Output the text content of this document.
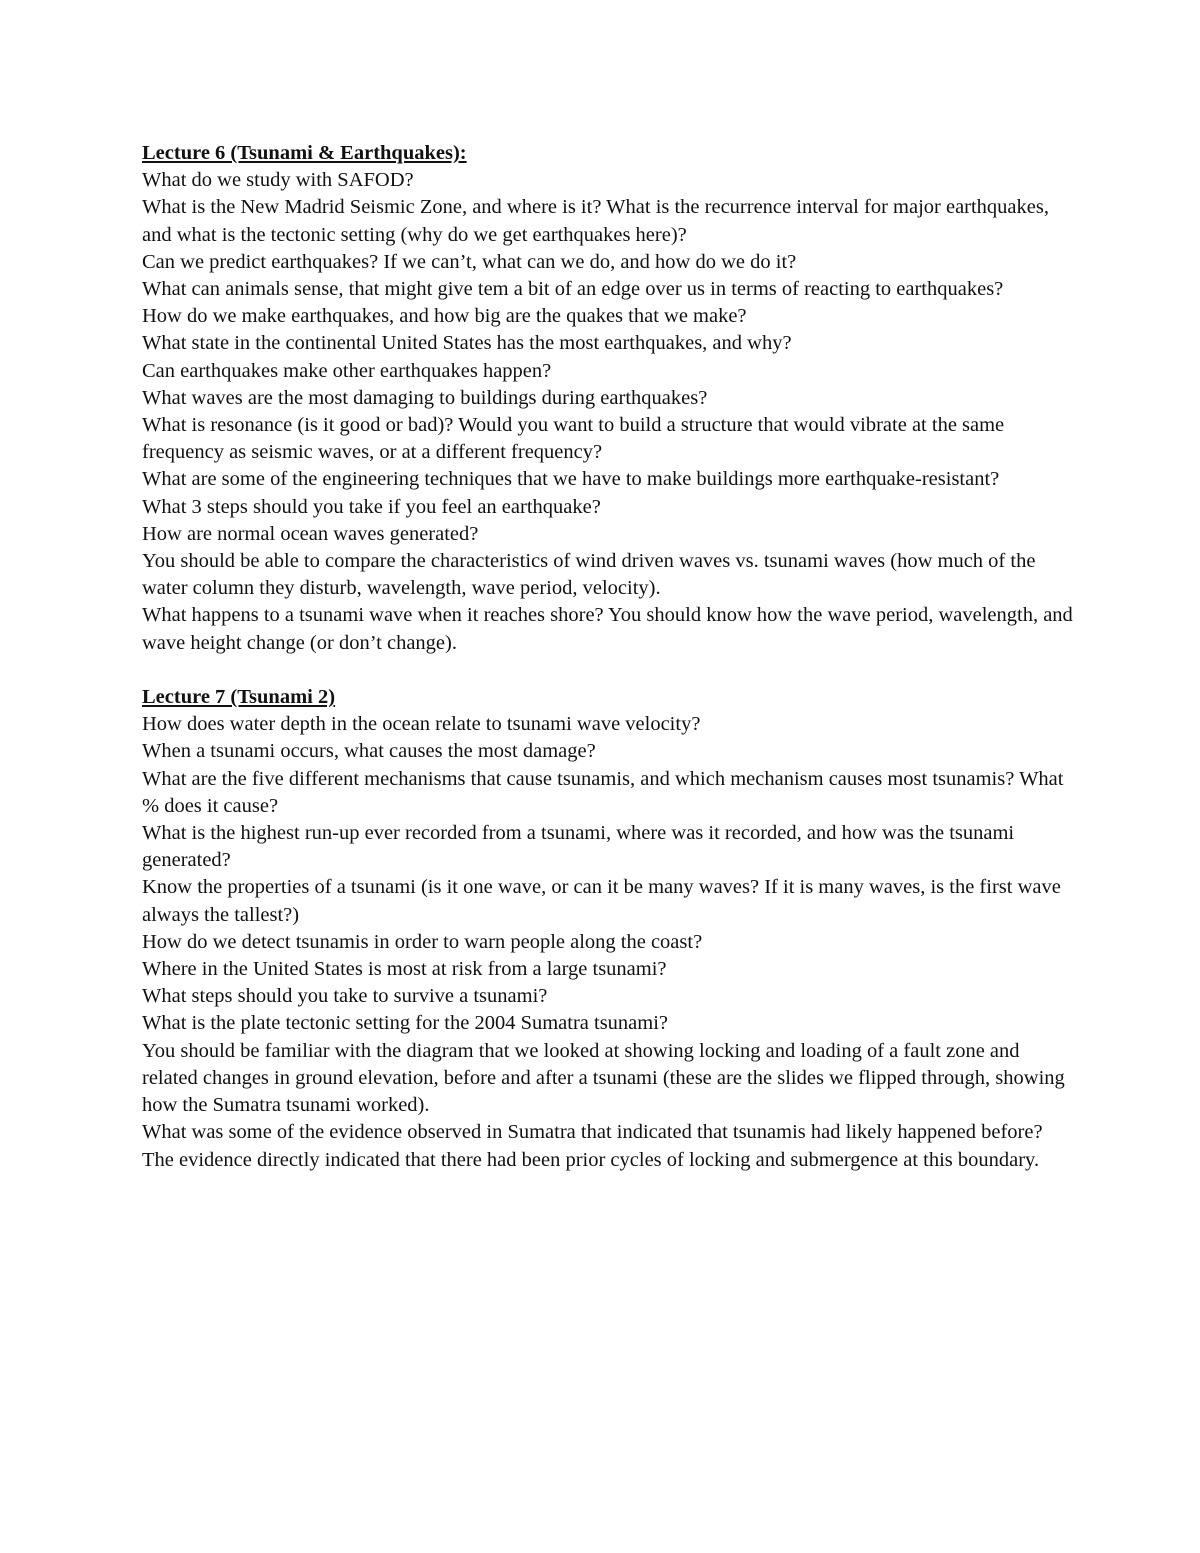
Lecture 6 (Tsunami & Earthquakes):
What do we study with SAFOD?
What is the New Madrid Seismic Zone, and where is it? What is the recurrence interval for major earthquakes, and what is the tectonic setting (why do we get earthquakes here)?
Can we predict earthquakes? If we can’t, what can we do, and how do we do it?
What can animals sense, that might give tem a bit of an edge over us in terms of reacting to earthquakes?
How do we make earthquakes, and how big are the quakes that we make?
What state in the continental United States has the most earthquakes, and why?
Can earthquakes make other earthquakes happen?
What waves are the most damaging to buildings during earthquakes?
What is resonance (is it good or bad)? Would you want to build a structure that would vibrate at the same frequency as seismic waves, or at a different frequency?
What are some of the engineering techniques that we have to make buildings more earthquake-resistant?
What 3 steps should you take if you feel an earthquake?
How are normal ocean waves generated?
You should be able to compare the characteristics of wind driven waves vs. tsunami waves (how much of the water column they disturb, wavelength, wave period, velocity).
What happens to a tsunami wave when it reaches shore? You should know how the wave period, wavelength, and wave height change (or don’t change).
Lecture 7 (Tsunami 2)
How does water depth in the ocean relate to tsunami wave velocity?
When a tsunami occurs, what causes the most damage?
What are the five different mechanisms that cause tsunamis, and which mechanism causes most tsunamis? What % does it cause?
What is the highest run-up ever recorded from a tsunami, where was it recorded, and how was the tsunami generated?
Know the properties of a tsunami (is it one wave, or can it be many waves? If it is many waves, is the first wave always the tallest?)
How do we detect tsunamis in order to warn people along the coast?
Where in the United States is most at risk from a large tsunami?
What steps should you take to survive a tsunami?
What is the plate tectonic setting for the 2004 Sumatra tsunami?
You should be familiar with the diagram that we looked at showing locking and loading of a fault zone and related changes in ground elevation, before and after a tsunami (these are the slides we flipped through, showing how the Sumatra tsunami worked).
What was some of the evidence observed in Sumatra that indicated that tsunamis had likely happened before? The evidence directly indicated that there had been prior cycles of locking and submergence at this boundary.
